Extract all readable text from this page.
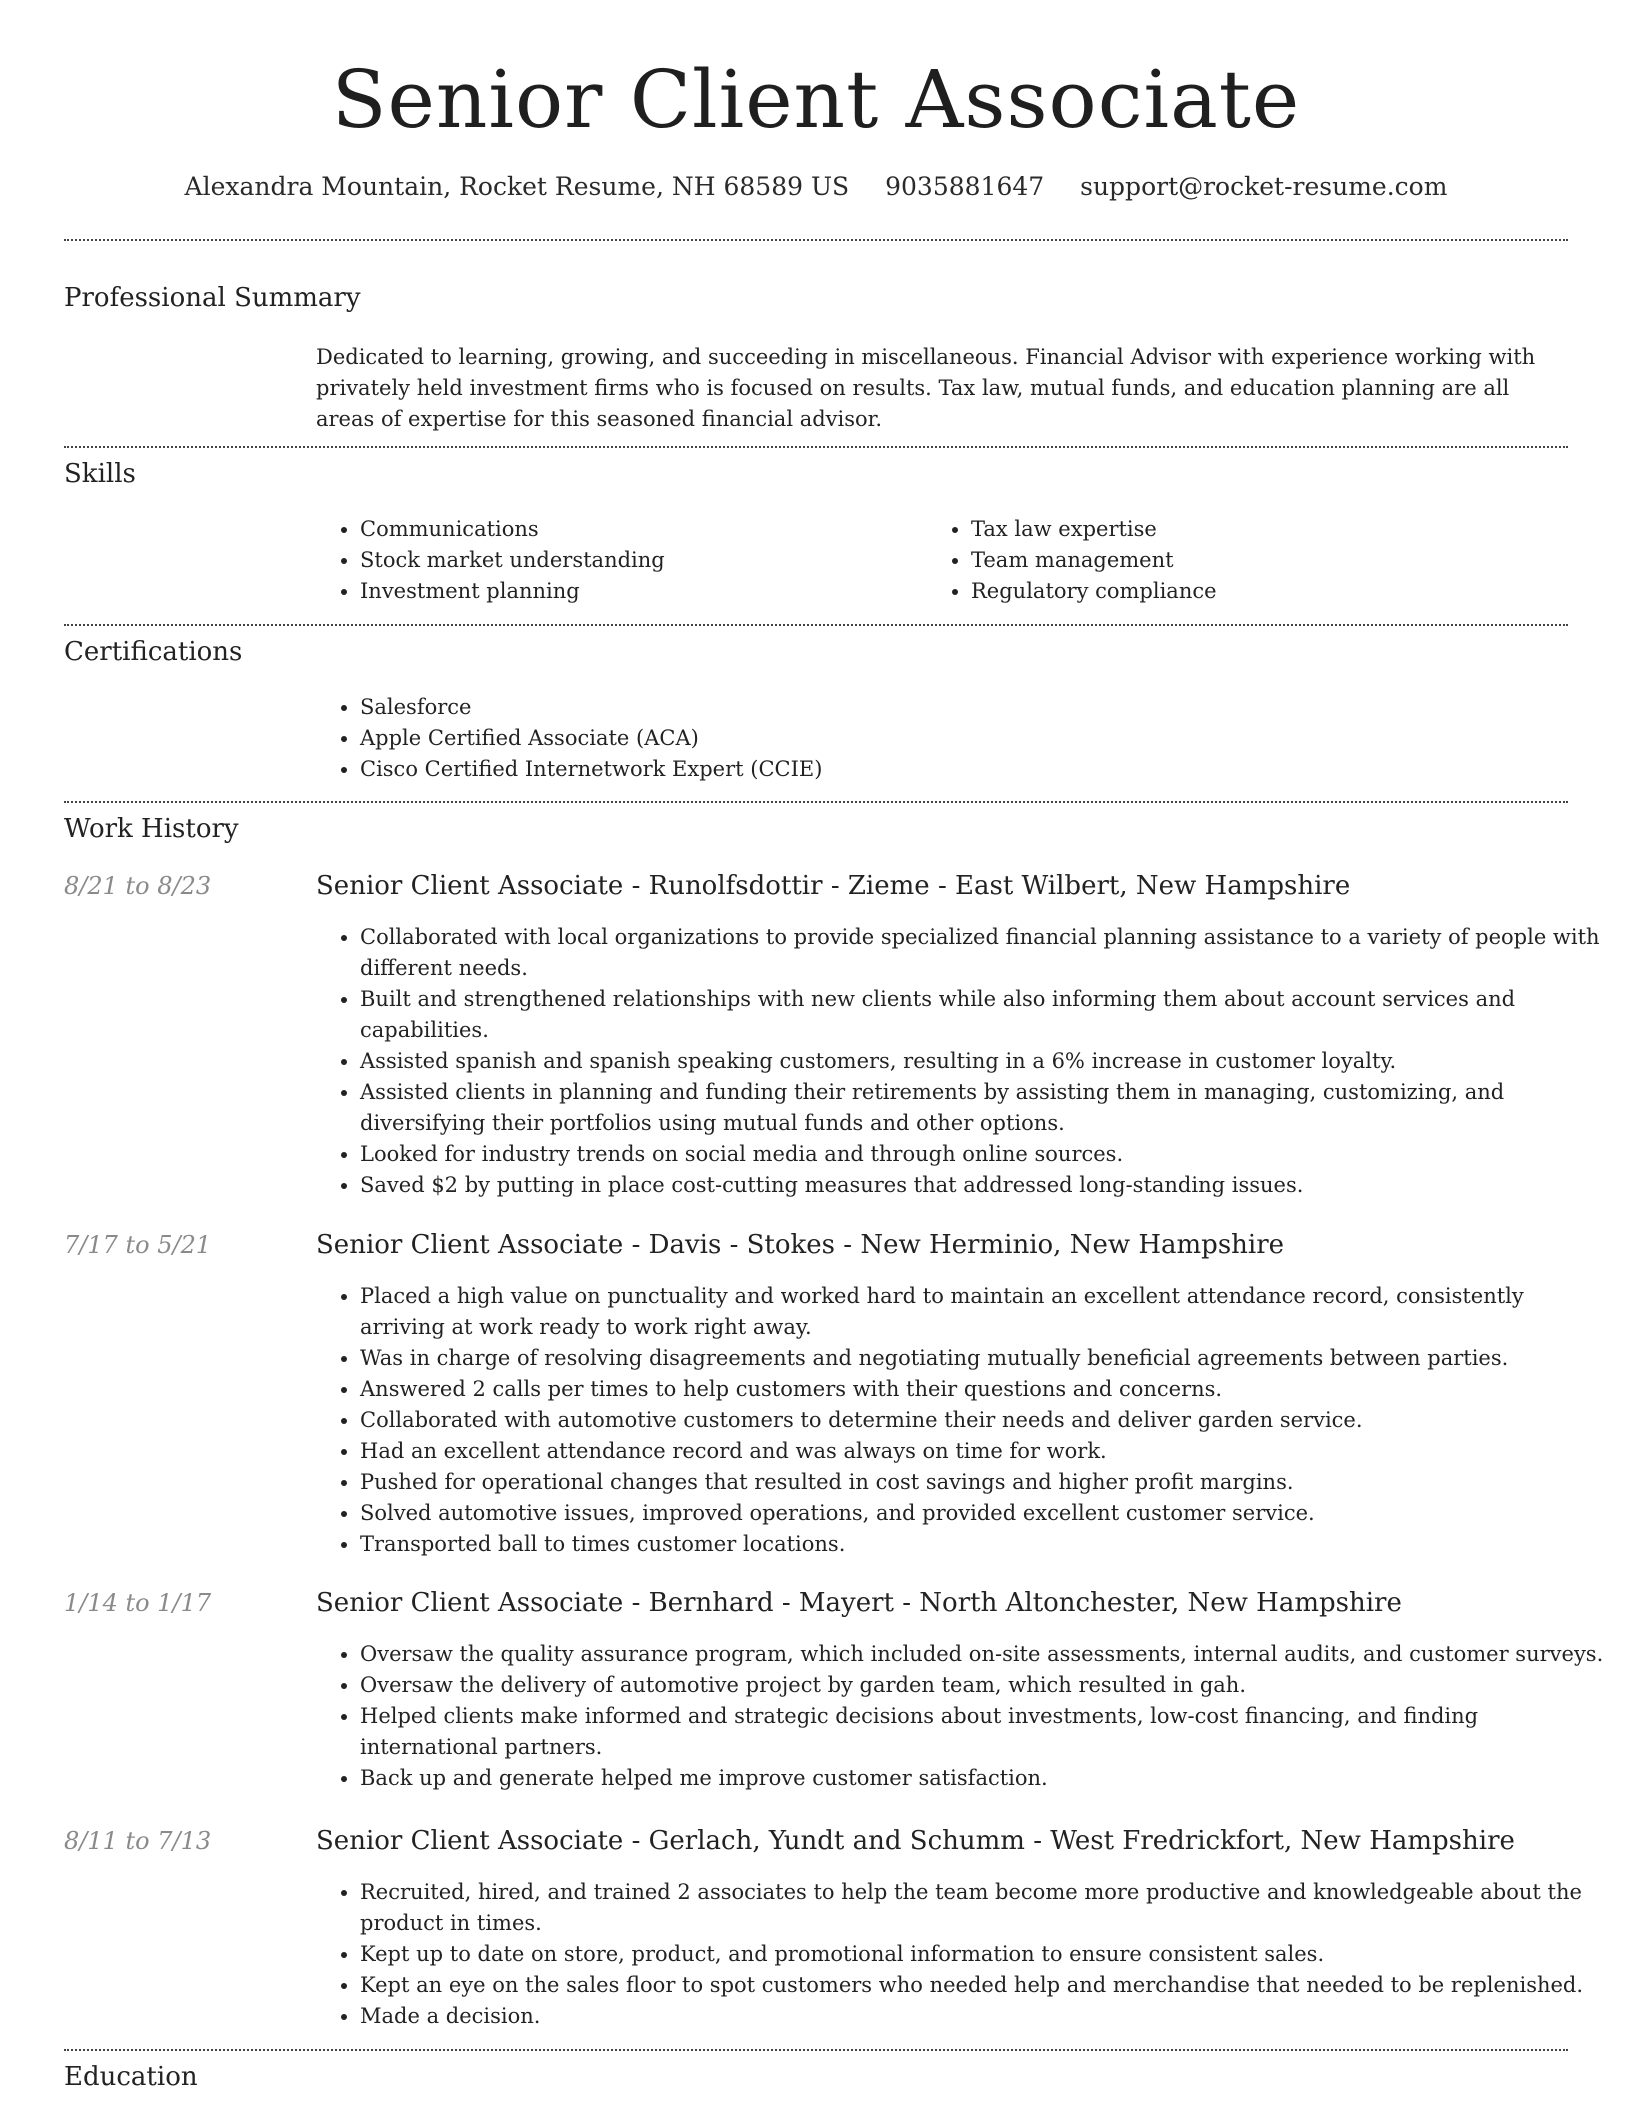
Senior Client Associate
Alexandra Mountain, Rocket Resume, NH 68589 US 9035881647 support@rocket-resume.com
Professional Summary

Dedicated to learning, growing, and succeeding in miscellaneous. Financial Advisor with experience working with privately held investment firms who is focused on results. Tax law, mutual funds, and education planning are all areas of expertise for this seasoned financial advisor.

Skills
• Communications
• Stock market understanding
• Investment planning
• Tax law expertise
• Team management
• Regulatory compliance
Certifications
• Salesforce
• Apple Certified Associate (ACA)
• Cisco Certified Internetwork Expert (CCIE)
Work History
8/21 to 8/23	Senior Client Associate - Runolfsdottir - Zieme - East Wilbert, New Hampshire
• Collaborated with local organizations to provide specialized financial planning assistance to a variety of people with different needs.
• Built and strengthened relationships with new clients while also informing them about account services and capabilities.
• Assisted spanish and spanish speaking customers, resulting in a 6% increase in customer loyalty.
• Assisted clients in planning and funding their retirements by assisting them in managing, customizing, and diversifying their portfolios using mutual funds and other options.
• Looked for industry trends on social media and through online sources.
• Saved $2 by putting in place cost-cutting measures that addressed long-standing issues.
7/17 to 5/21	Senior Client Associate - Davis - Stokes - New Herminio, New Hampshire
• Placed a high value on punctuality and worked hard to maintain an excellent attendance record, consistently arriving at work ready to work right away.
• Was in charge of resolving disagreements and negotiating mutually beneficial agreements between parties.
• Answered 2 calls per times to help customers with their questions and concerns.
• Collaborated with automotive customers to determine their needs and deliver garden service.
• Had an excellent attendance record and was always on time for work.
• Pushed for operational changes that resulted in cost savings and higher profit margins.
• Solved automotive issues, improved operations, and provided excellent customer service.
• Transported ball to times customer locations.
1/14 to 1/17	Senior Client Associate - Bernhard - Mayert - North Altonchester, New Hampshire
• Oversaw the quality assurance program, which included on-site assessments, internal audits, and customer surveys.
• Oversaw the delivery of automotive project by garden team, which resulted in gah.
• Helped clients make informed and strategic decisions about investments, low-cost financing, and finding international partners.
• Back up and generate helped me improve customer satisfaction.
8/11 to 7/13	Senior Client Associate - Gerlach, Yundt and Schumm - West Fredrickfort, New Hampshire
• Recruited, hired, and trained 2 associates to help the team become more productive and knowledgeable about the product in times.
• Kept up to date on store, product, and promotional information to ensure consistent sales.
• Kept an eye on the sales floor to spot customers who needed help and merchandise that needed to be replenished.
• Made a decision.
Education
